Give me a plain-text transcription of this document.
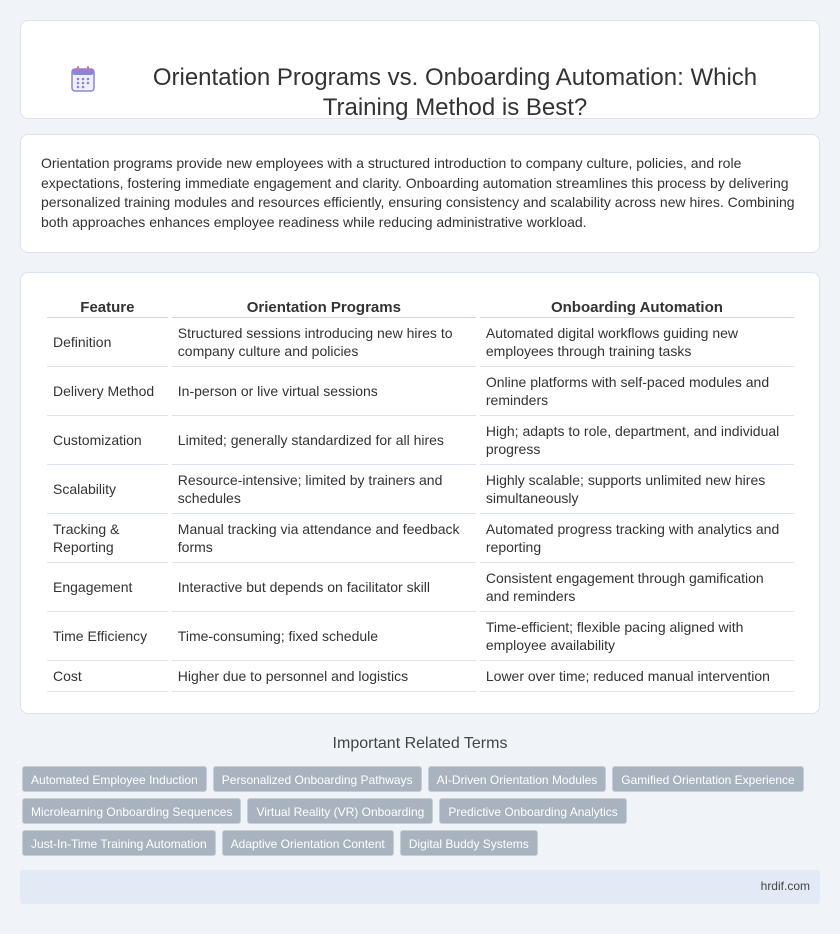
Orientation Programs vs. Onboarding Automation: Which Training Method is Best?

Orientation programs provide new employees with a structured introduction to company culture, policies, and role expectations, fostering immediate engagement and clarity. Onboarding automation streamlines this process by delivering personalized training modules and resources efficiently, ensuring consistency and scalability across new hires. Combining both approaches enhances employee readiness while reducing administrative workload.

Feature	Orientation Programs	Onboarding Automation
Definition	Structured sessions introducing new hires to company culture and policies	Automated digital workflows guiding new employees through training tasks
Delivery Method	In-person or live virtual sessions	Online platforms with self-paced modules and reminders
Customization	Limited; generally standardized for all hires	High; adapts to role, department, and individual progress
Scalability	Resource-intensive; limited by trainers and schedules	Highly scalable; supports unlimited new hires simultaneously
Tracking & Reporting	Manual tracking via attendance and feedback forms	Automated progress tracking with analytics and reporting
Engagement	Interactive but depends on facilitator skill	Consistent engagement through gamification and reminders
Time Efficiency	Time-consuming; fixed schedule	Time-efficient; flexible pacing aligned with employee availability
Cost	Higher due to personnel and logistics	Lower over time; reduced manual intervention
Important Related Terms
Automated Employee Induction	Personalized Onboarding Pathways	AI-Driven Orientation Modules	Gamified Orientation Experience
Microlearning Onboarding Sequences	Virtual Reality (VR) Onboarding	Predictive Onboarding Analytics
Just-In-Time Training Automation	Adaptive Orientation Content	Digital Buddy Systems
hrdif.com
